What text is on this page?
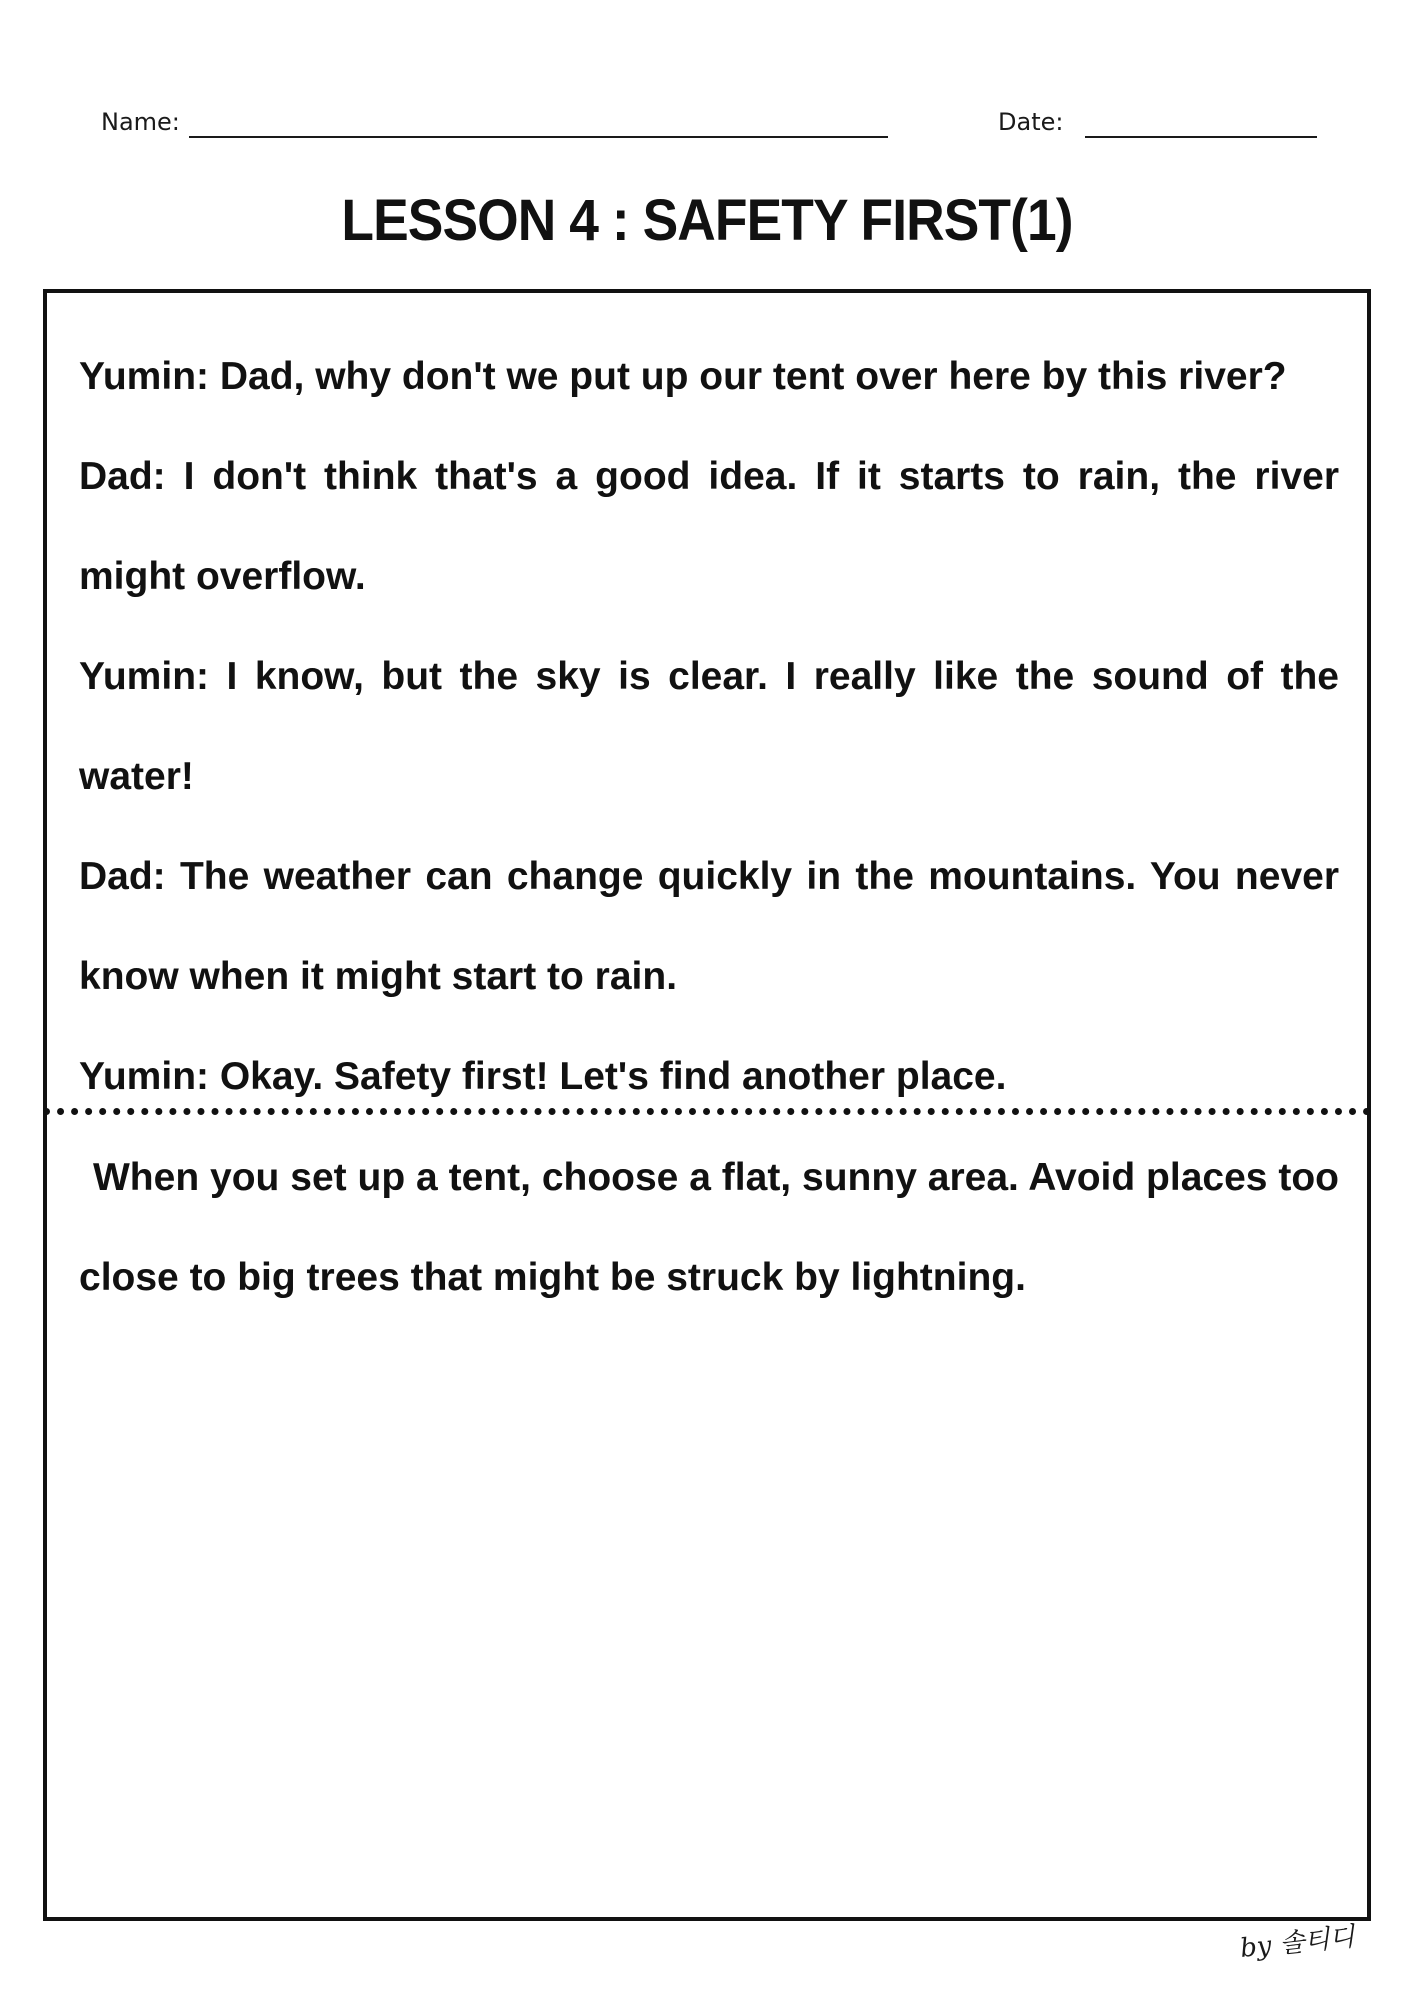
Name:	Date:
LESSON 4 : SAFETY FIRST(1)

Yumin: Dad, why don't we put up our tent over here by this river?

Dad: I don't think that's a good idea. If it starts to rain, the river might overflow.

Yumin: I know, but the sky is clear. I really like the sound of the water!

Dad: The weather can change quickly in the mountains. You never know when it might start to rain.

Yumin: Okay. Safety first! Let's find another place.

When you set up a tent, choose a flat, sunny area. Avoid places too close to big trees that might be struck by lightning.

by 솔티디
